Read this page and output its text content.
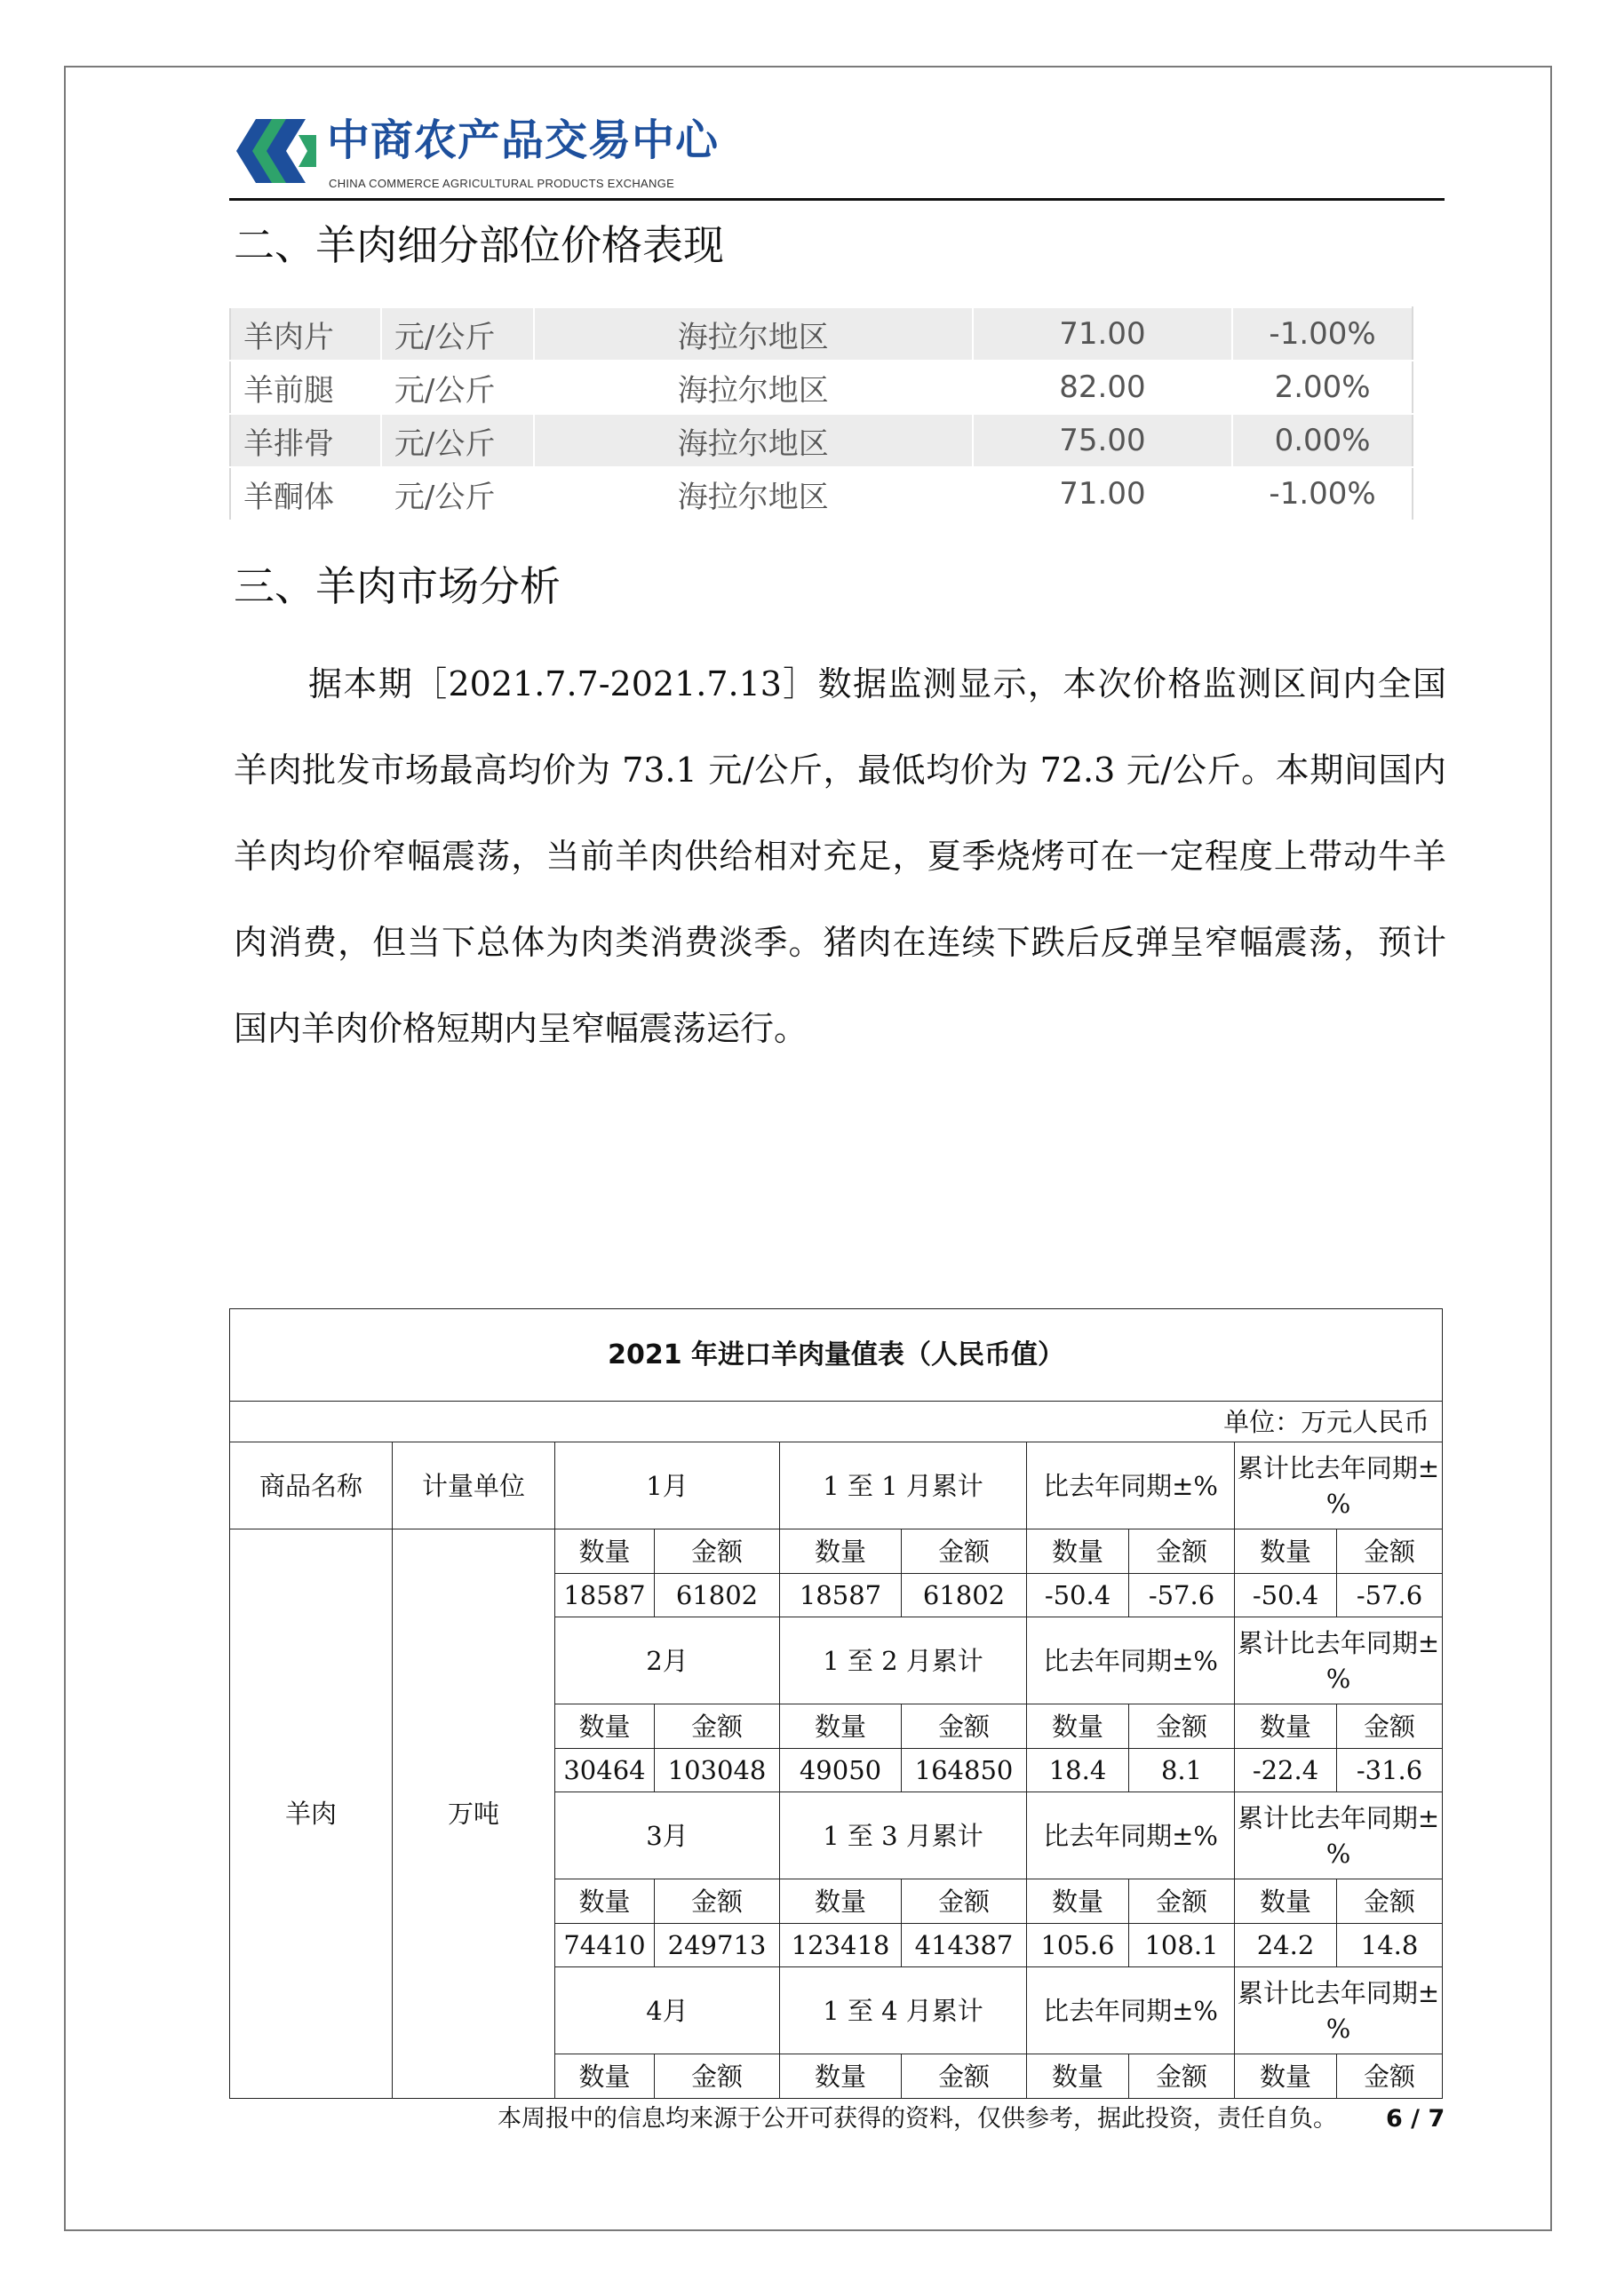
中商农产品交易中心
CHINA COMMERCE AGRICULTURAL PRODUCTS EXCHANGE
二、羊肉细分部位价格表现
羊肉片	元/公斤	海拉尔地区	71.00	-1.00%
羊前腿	元/公斤	海拉尔地区	82.00	2.00%
羊排骨	元/公斤	海拉尔地区	75.00	0.00%
羊酮体	元/公斤	海拉尔地区	71.00	-1.00%
三、羊肉市场分析

据本期［2021.7.7-2021.7.13］数据监测显示，本次价格监测区间内全国羊肉批发市场最高均价为 73.1 元/公斤，最低均价为 72.3 元/公斤。本期间国内羊肉均价窄幅震荡，当前羊肉供给相对充足，夏季烧烤可在一定程度上带动牛羊肉消费，但当下总体为肉类消费淡季。猪肉在连续下跌后反弹呈窄幅震荡，预计国内羊肉价格短期内呈窄幅震荡运行。

2021 年进口羊肉量值表（人民币值）									
单位：万元人民币									
商品名称	计量单位	1月		1 至 1 月累计		比去年同期±%		累计比去年同期±%	
羊肉	万吨	数量	金额	数量	金额	数量	金额	数量	金额
		18587	61802	18587	61802	-50.4	-57.6	-50.4	-57.6
		2月		1 至 2 月累计		比去年同期±%		累计比去年同期±%	
		数量	金额	数量	金额	数量	金额	数量	金额
		30464	103048	49050	164850	18.4	8.1	-22.4	-31.6
		3月		1 至 3 月累计		比去年同期±%		累计比去年同期±%	
		数量	金额	数量	金额	数量	金额	数量	金额
		74410	249713	123418	414387	105.6	108.1	24.2	14.8
		4月		1 至 4 月累计		比去年同期±%		累计比去年同期±%	
		数量	金额	数量	金额	数量	金额	数量	金额
本周报中的信息均来源于公开可获得的资料，仅供参考，据此投资，责任自负。 6 / 7
